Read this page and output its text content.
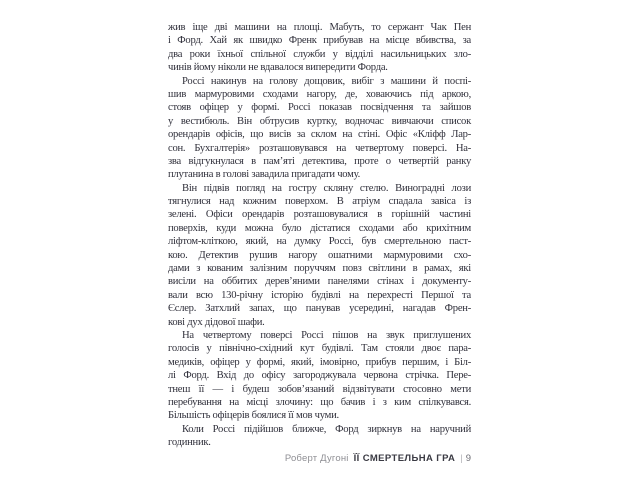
жив іще дві машини на площі. Мабуть, то сержант Чак Пен
і Форд. Хай як швидко Френк прибував на місце вбивства, за
два роки їхньої спільної служби у відділі насильницьких зло-
чинів йому ніколи не вдавалося випередити Форда.
Россі накинув на голову дощовик, вибіг з машини й поспі-
шив мармуровими сходами нагору, де, ховаючись під аркою,
стояв офіцер у формі. Россі показав посвідчення та зайшов
у вестибюль. Він обтрусив куртку, водночас вивчаючи список
орендарів офісів, що висів за склом на стіні. Офіс «Кліфф Лар-
сон. Бухгалтерія» розташовувався на четвертому поверсі. На-
зва відгукнулася в пам’яті детектива, проте о четвертій ранку
плутанина в голові завадила пригадати чому.
Він підвів погляд на гостру скляну стелю. Виноградні лози
тягнулися над кожним поверхом. В атріум спадала завіса із
зелені. Офіси орендарів розташовувалися в горішній частині
поверхів, куди можна було дістатися сходами або крихітним
ліфтом-кліткою, який, на думку Россі, був смертельною паст-
кою. Детектив рушив нагору ошатними мармуровими схо-
дами з кованим залізним поруччям повз світлини в рамах, які
висіли на оббитих дерев’яними панелями стінах і документу-
вали всю 130-річну історію будівлі на перехресті Першої та
Єслер. Затхлий запах, що панував усередині, нагадав Френ-
кові дух дідової шафи.
На четвертому поверсі Россі пішов на звук приглушених
голосів у північно-східний кут будівлі. Там стояли двоє пара-
медиків, офіцер у формі, який, імовірно, прибув першим, і Біл-
лі Форд. Вхід до офісу загороджувала червона стрічка. Пере-
тнеш її — і будеш зобов’язаний відзвітувати стосовно мети
перебування на місці злочину: що бачив і з ким спілкувався.
Більшість офіцерів боялися її мов чуми.
Коли Россі підійшов ближче, Форд зиркнув на наручний
годинник.
Роберт Дугоні ЇЇ СМЕРТЕЛЬНА ГРА | 9
